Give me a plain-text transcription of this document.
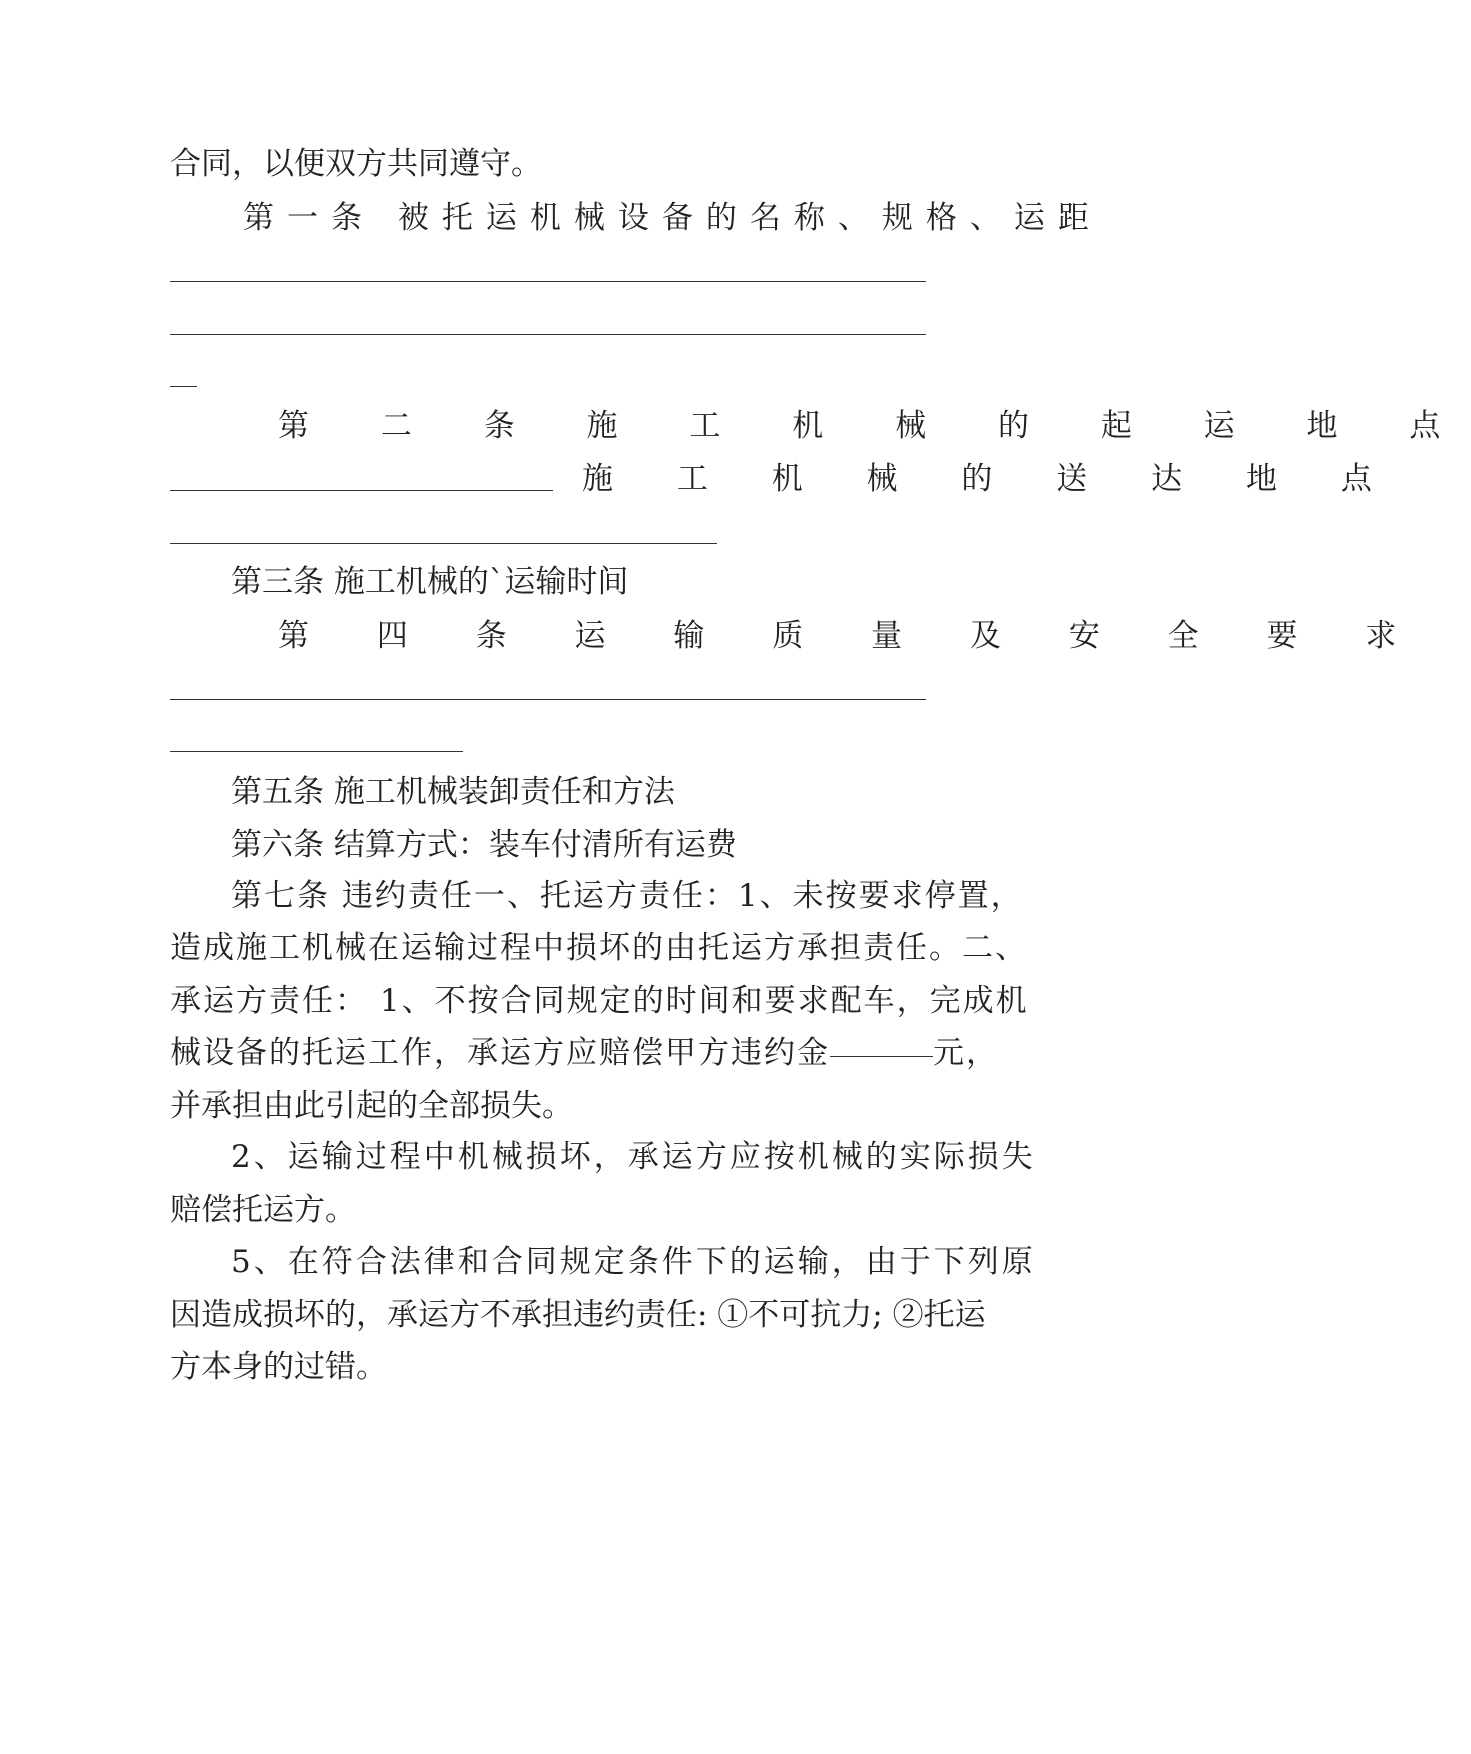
合同，以便双方共同遵守。
第一条 被托运机械设备的名称、规格、运距
第 二 条 施 工 机 械 的 起 运 地 点
施 工 机 械 的 送 达 地 点
第三条 施工机械的`运输时间
第 四 条 运 输 质 量 及 安 全 要 求
第五条 施工机械装卸责任和方法
第六条 结算方式：装车付清所有运费
第七条 违约责任一、托运方责任：1、未按要求停置，
造成施工机械在运输过程中损坏的由托运方承担责任。二、
承运方责任： 1、不按合同规定的时间和要求配车，完成机
械设备的托运工作，承运方应赔偿甲方违约金	元，
并承担由此引起的全部损失。
2、运输过程中机械损坏，承运方应按机械的实际损失
赔偿托运方。
5、在符合法律和合同规定条件下的运输，由于下列原
因造成损坏的，承运方不承担违约责任: ①不可抗力; ②托运
方本身的过错。
